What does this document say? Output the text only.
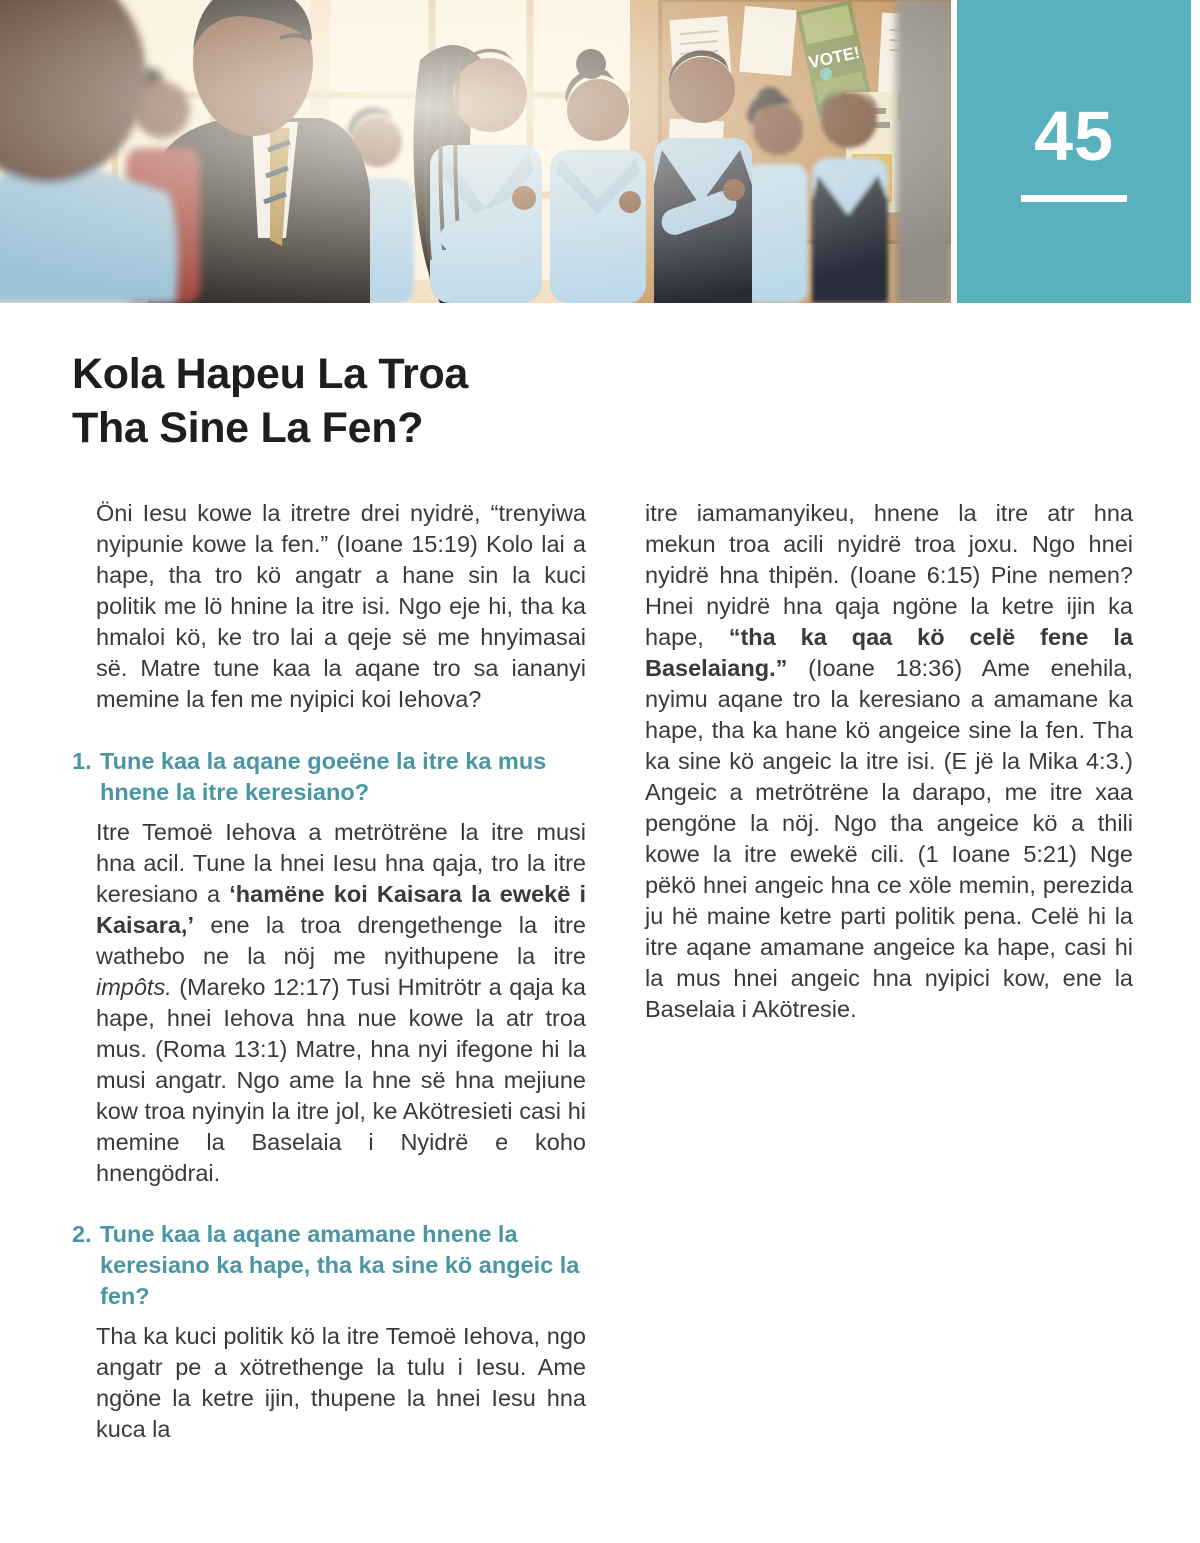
45
Kola Hapeu La Troa
Tha Sine La Fen?

Öni Iesu kowe la itretre drei nyidrë, “trenyiwa nyipunie kowe la fen.” (Ioane 15:19) Kolo lai a hape, tha tro kö angatr a hane sin la kuci politik me lö hnine la itre isi. Ngo eje hi, tha ka hmaloi kö, ke tro lai a qeje së me hnyimasai së. Matre tune kaa la aqane tro sa iananyi memine la fen me nyipici koi Iehova?

1. Tune kaa la aqane goeëne la itre ka mus hnene la itre keresiano?

Itre Temoë Iehova a metrötrëne la itre musi hna acil. Tune la hnei Iesu hna qaja, tro la itre keresiano a ‘hamëne koi Kaisara la ewekë i Kaisara,’ ene la troa drengethenge la itre wathebo ne la nöj me nyithupene la itre impôts. (Mareko 12:17) Tusi Hmitrötr a qaja ka hape, hnei Iehova hna nue kowe la atr troa mus. (Roma 13:1) Matre, hna nyi ifegone hi la musi angatr. Ngo ame la hne së hna mejiune kow troa nyinyin la itre jol, ke Akötresieti casi hi memine la Baselaia i Nyidrë e koho hnengödrai.

2. Tune kaa la aqane amamane hnene la keresiano ka hape, tha ka sine kö angeic la fen?

Tha ka kuci politik kö la itre Temoë Iehova, ngo angatr pe a xötrethenge la tulu i Iesu. Ame ngöne la ketre ijin, thupene la hnei Iesu hna kuca la

itre iamamanyikeu, hnene la itre atr hna mekun troa acili nyidrë troa joxu. Ngo hnei nyidrë hna thipën. (Ioane 6:15) Pine nemen? Hnei nyidrë hna qaja ngöne la ketre ijin ka hape, “tha ka qaa kö celë fene la Baselaiang.” (Ioane 18:36) Ame enehila, nyimu aqane tro la keresiano a amamane ka hape, tha ka hane kö angeice sine la fen. Tha ka sine kö angeic la itre isi. (E jë la Mika 4:3.) Angeic a metrötrëne la darapo, me itre xaa pengöne la nöj. Ngo tha angeice kö a thili kowe la itre ewekë cili. (1 Ioane 5:21) Nge pëkö hnei angeic hna ce xöle memin, perezida ju hë maine ketre parti politik pena. Celë hi la itre aqane amamane angeice ka hape, casi hi la mus hnei angeic hna nyipici kow, ene la Baselaia i Akötresie.
